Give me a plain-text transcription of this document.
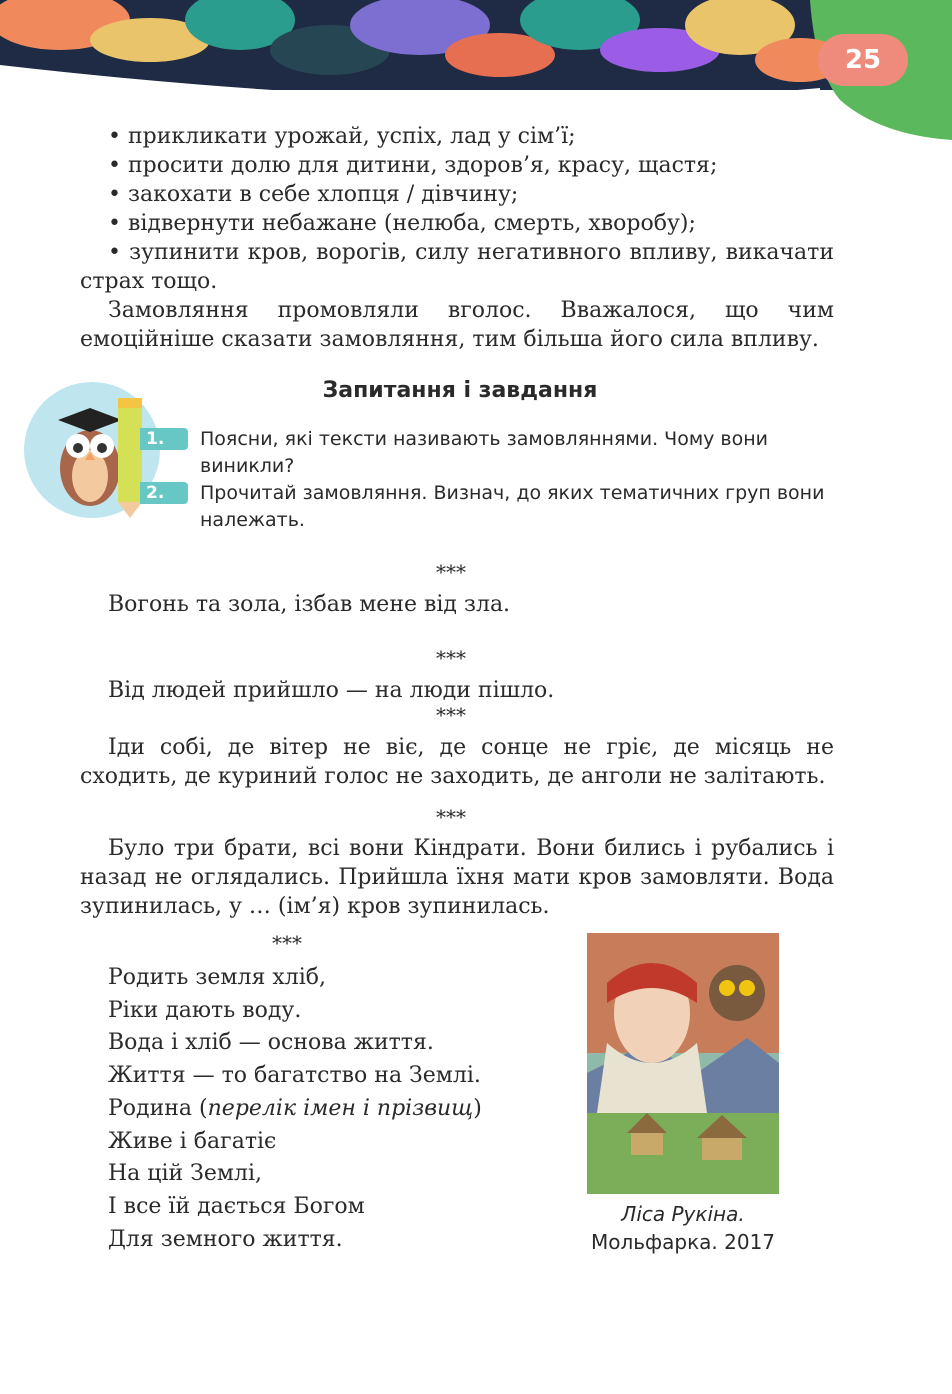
25

• прикликати урожай, успіх, лад у сім’ї;

• просити долю для дитини, здоров’я, красу, щастя;

• закохати в себе хлопця / дівчину;

• відвернути небажане (нелюба, смерть, хворобу);

• зупинити кров, ворогів, силу негативного впливу, викачати страх тощо.

Замовляння промовляли вголос. Вважалося, що чим емоційніше сказати замовляння, тим більша його сила впливу.

Запитання і завдання
1.	Поясни, які тексти називають замовляннями. Чому вони виникли?
2.	Прочитай замовляння. Визнач, до яких тематичних груп вони належать.
***

Вогонь та зола, ізбав мене від зла.

***

Від людей прийшло — на люди пішло.

***

Іди собі, де вітер не віє, де сонце не гріє, де місяць не сходить, де куриний голос не заходить, де анголи не залітають.

***

Було три брати, всі вони Кіндрати. Вони бились і рубались і назад не оглядались. Прийшла їхня мати кров замовляти. Вода зупинилась, у … (ім’я) кров зупинилась.

***

Родить земля хліб,

Ріки дають воду.

Вода і хліб — основа життя.

Життя — то багатство на Землі.

Родина (перелік імен і прізвищ)

Живе і багатіє

На цій Землі,

І все їй дається Богом

Для земного життя.

Ліса Рукіна.
Мольфарка. 2017
